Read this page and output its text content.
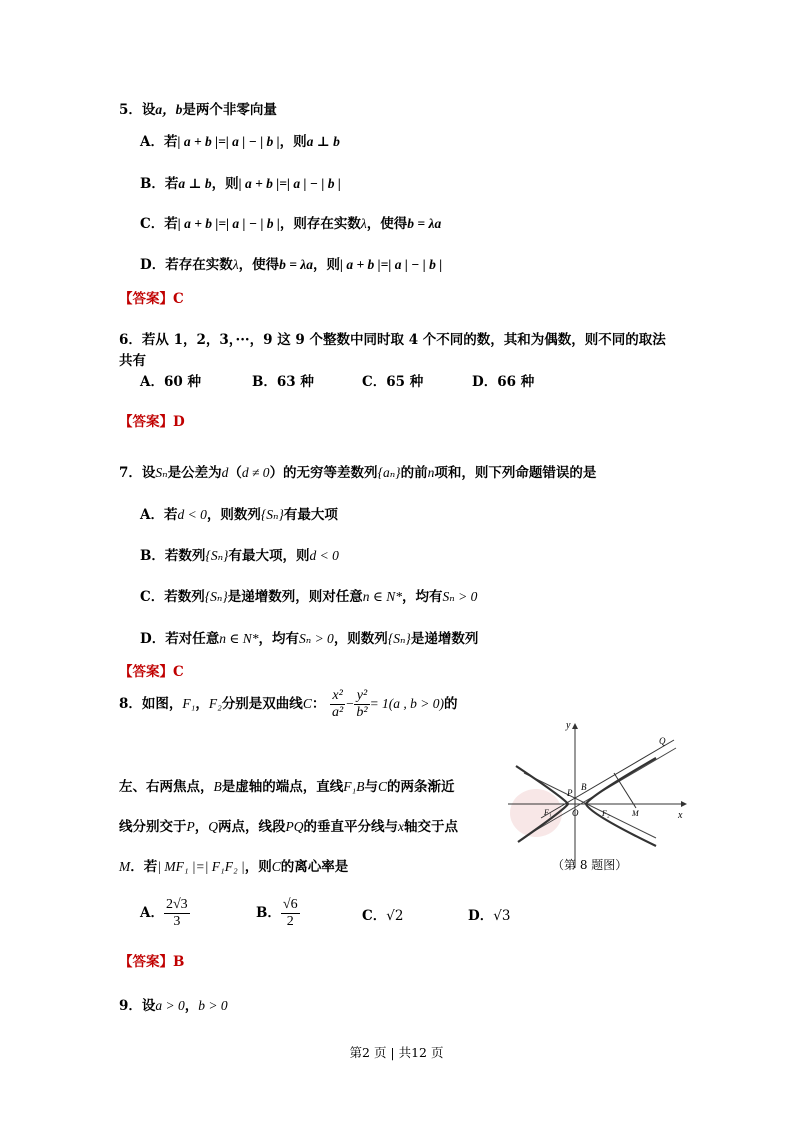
5．设a，b是两个非零向量
A．若| a + b |=| a | − | b |，则a ⊥ b
B．若a ⊥ b，则| a + b |=| a | − | b |
C．若| a + b |=| a | − | b |，则存在实数λ，使得b = λa
D．若存在实数λ，使得b = λa，则| a + b |=| a | − | b |
【答案】C
6．若从 1，2，3，···，9 这 9 个整数中同时取 4 个不同的数，其和为偶数，则不同的取法
共有
A．60 种	B．63 种	C．65 种	D．66 种
【答案】D
7．设Sₙ是公差为d（d ≠ 0）的无穷等差数列{aₙ}的前n项和，则下列命题错误的是
A．若d < 0，则数列{Sₙ}有最大项
B．若数列{Sₙ}有最大项，则d < 0
C．若数列{Sₙ}是递增数列，则对任意n ∈ N*，均有Sₙ > 0
D．若对任意n ∈ N*，均有Sₙ > 0，则数列{Sₙ}是递增数列
【答案】C
8．如图，F₁，F₂分别是双曲线C： $\frac{\text{x²}}{\text{a²}} - \frac{\text{y²}}{\text{b²}} = 1(a$ , b > 0)的
左、右两焦点，B是虚轴的端点，直线F₁B与C的两条渐近
线分别交于P，Q两点，线段PQ的垂直平分线与x轴交于点
M．若| MF₁ |=| F₁F₂ |，则C的离心率是
A． $\frac{2√3}{3}$	B． $\frac{√6}{2}$	C．√2	D．√3
【答案】B
y
x
O
B
P
Q
F₁	F₂	M
（第 8 题图）
9．设a > 0，b > 0
第2 页 | 共12 页
